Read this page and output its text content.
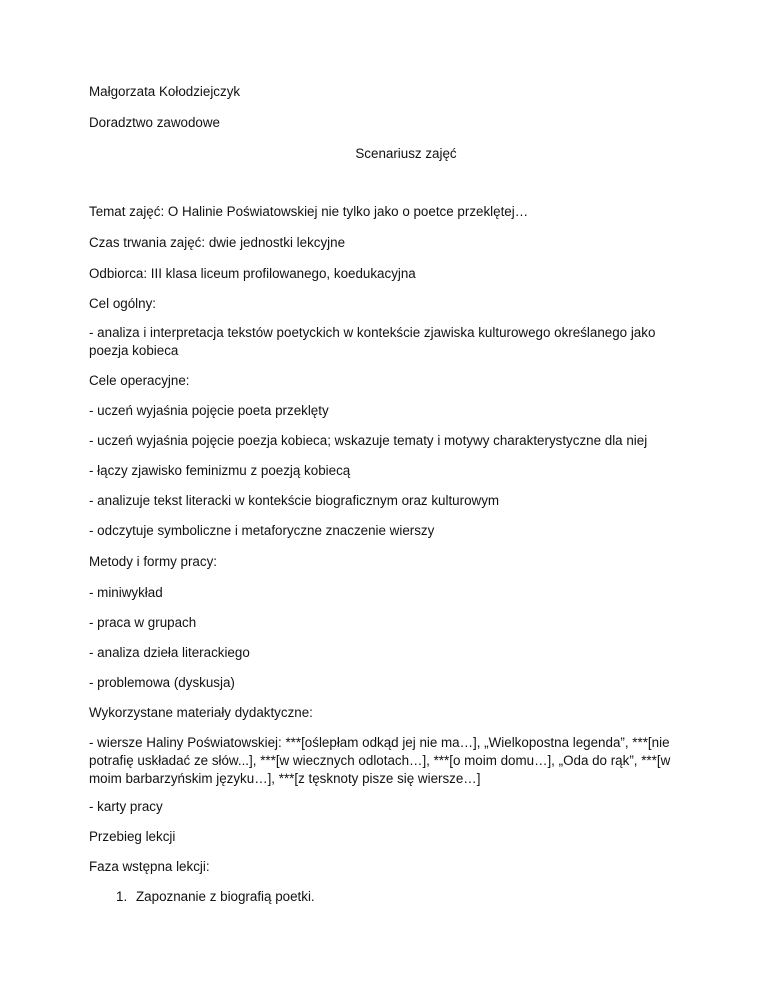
Małgorzata Kołodziejczyk
Doradztwo zawodowe
Scenariusz zajęć
Temat zajęć: O Halinie Poświatowskiej nie tylko jako o poetce przeklętej…
Czas trwania zajęć: dwie jednostki lekcyjne
Odbiorca: III klasa liceum profilowanego, koedukacyjna
Cel ogólny:
- analiza i interpretacja tekstów poetyckich w kontekście zjawiska kulturowego określanego jako poezja kobieca
Cele operacyjne:
- uczeń wyjaśnia pojęcie poeta przeklęty
- uczeń wyjaśnia pojęcie poezja kobieca; wskazuje tematy i motywy charakterystyczne dla niej
- łączy zjawisko feminizmu z poezją kobiecą
- analizuje tekst literacki w kontekście biograficznym oraz kulturowym
- odczytuje symboliczne i metaforyczne znaczenie wierszy
Metody i formy pracy:
- miniwykład
- praca w grupach
- analiza dzieła literackiego
- problemowa (dyskusja)
Wykorzystane materiały dydaktyczne:
- wiersze Haliny Poświatowskiej: ***[oślepłam odkąd jej nie ma…], „Wielkopostna legenda”, ***[nie potrafię uskładać ze słów...], ***[w wiecznych odlotach…], ***[o moim domu…], „Oda do rąk”, ***[w moim barbarzyńskim języku…], ***[z tęsknoty pisze się wiersze…]
- karty pracy
Przebieg lekcji
Faza wstępna lekcji:
1. Zapoznanie z biografią poetki.
